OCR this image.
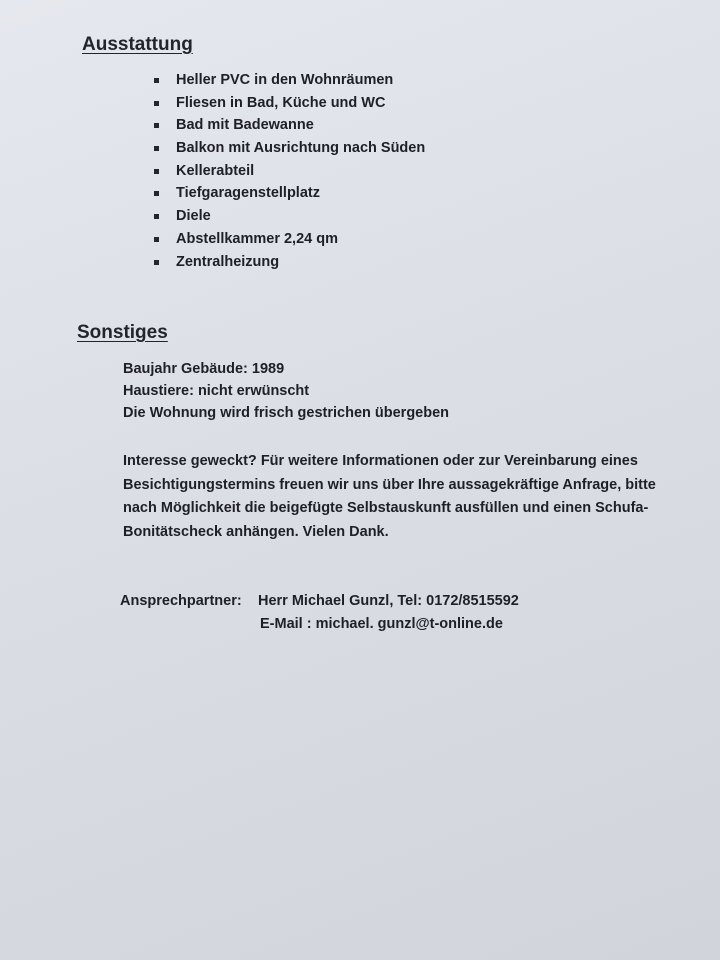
Ausstattung
Heller PVC in den Wohnräumen
Fliesen in Bad, Küche und WC
Bad mit Badewanne
Balkon mit Ausrichtung nach Süden
Kellerabteil
Tiefgaragenstellplatz
Diele
Abstellkammer 2,24 qm
Zentralheizung
Sonstiges
Baujahr Gebäude: 1989
Haustiere: nicht erwünscht
Die Wohnung wird frisch gestrichen übergeben
Interesse geweckt? Für weitere Informationen oder zur Vereinbarung eines
Besichtigungstermins freuen wir uns über Ihre aussagekräftige Anfrage, bitte
nach Möglichkeit die beigefügte Selbstauskunft ausfüllen und einen Schufa-
Bonitätscheck anhängen. Vielen Dank.
Ansprechpartner: Herr Michael Gunzl, Tel: 0172/8515592
E-Mail : michael. gunzl@t-online.de
